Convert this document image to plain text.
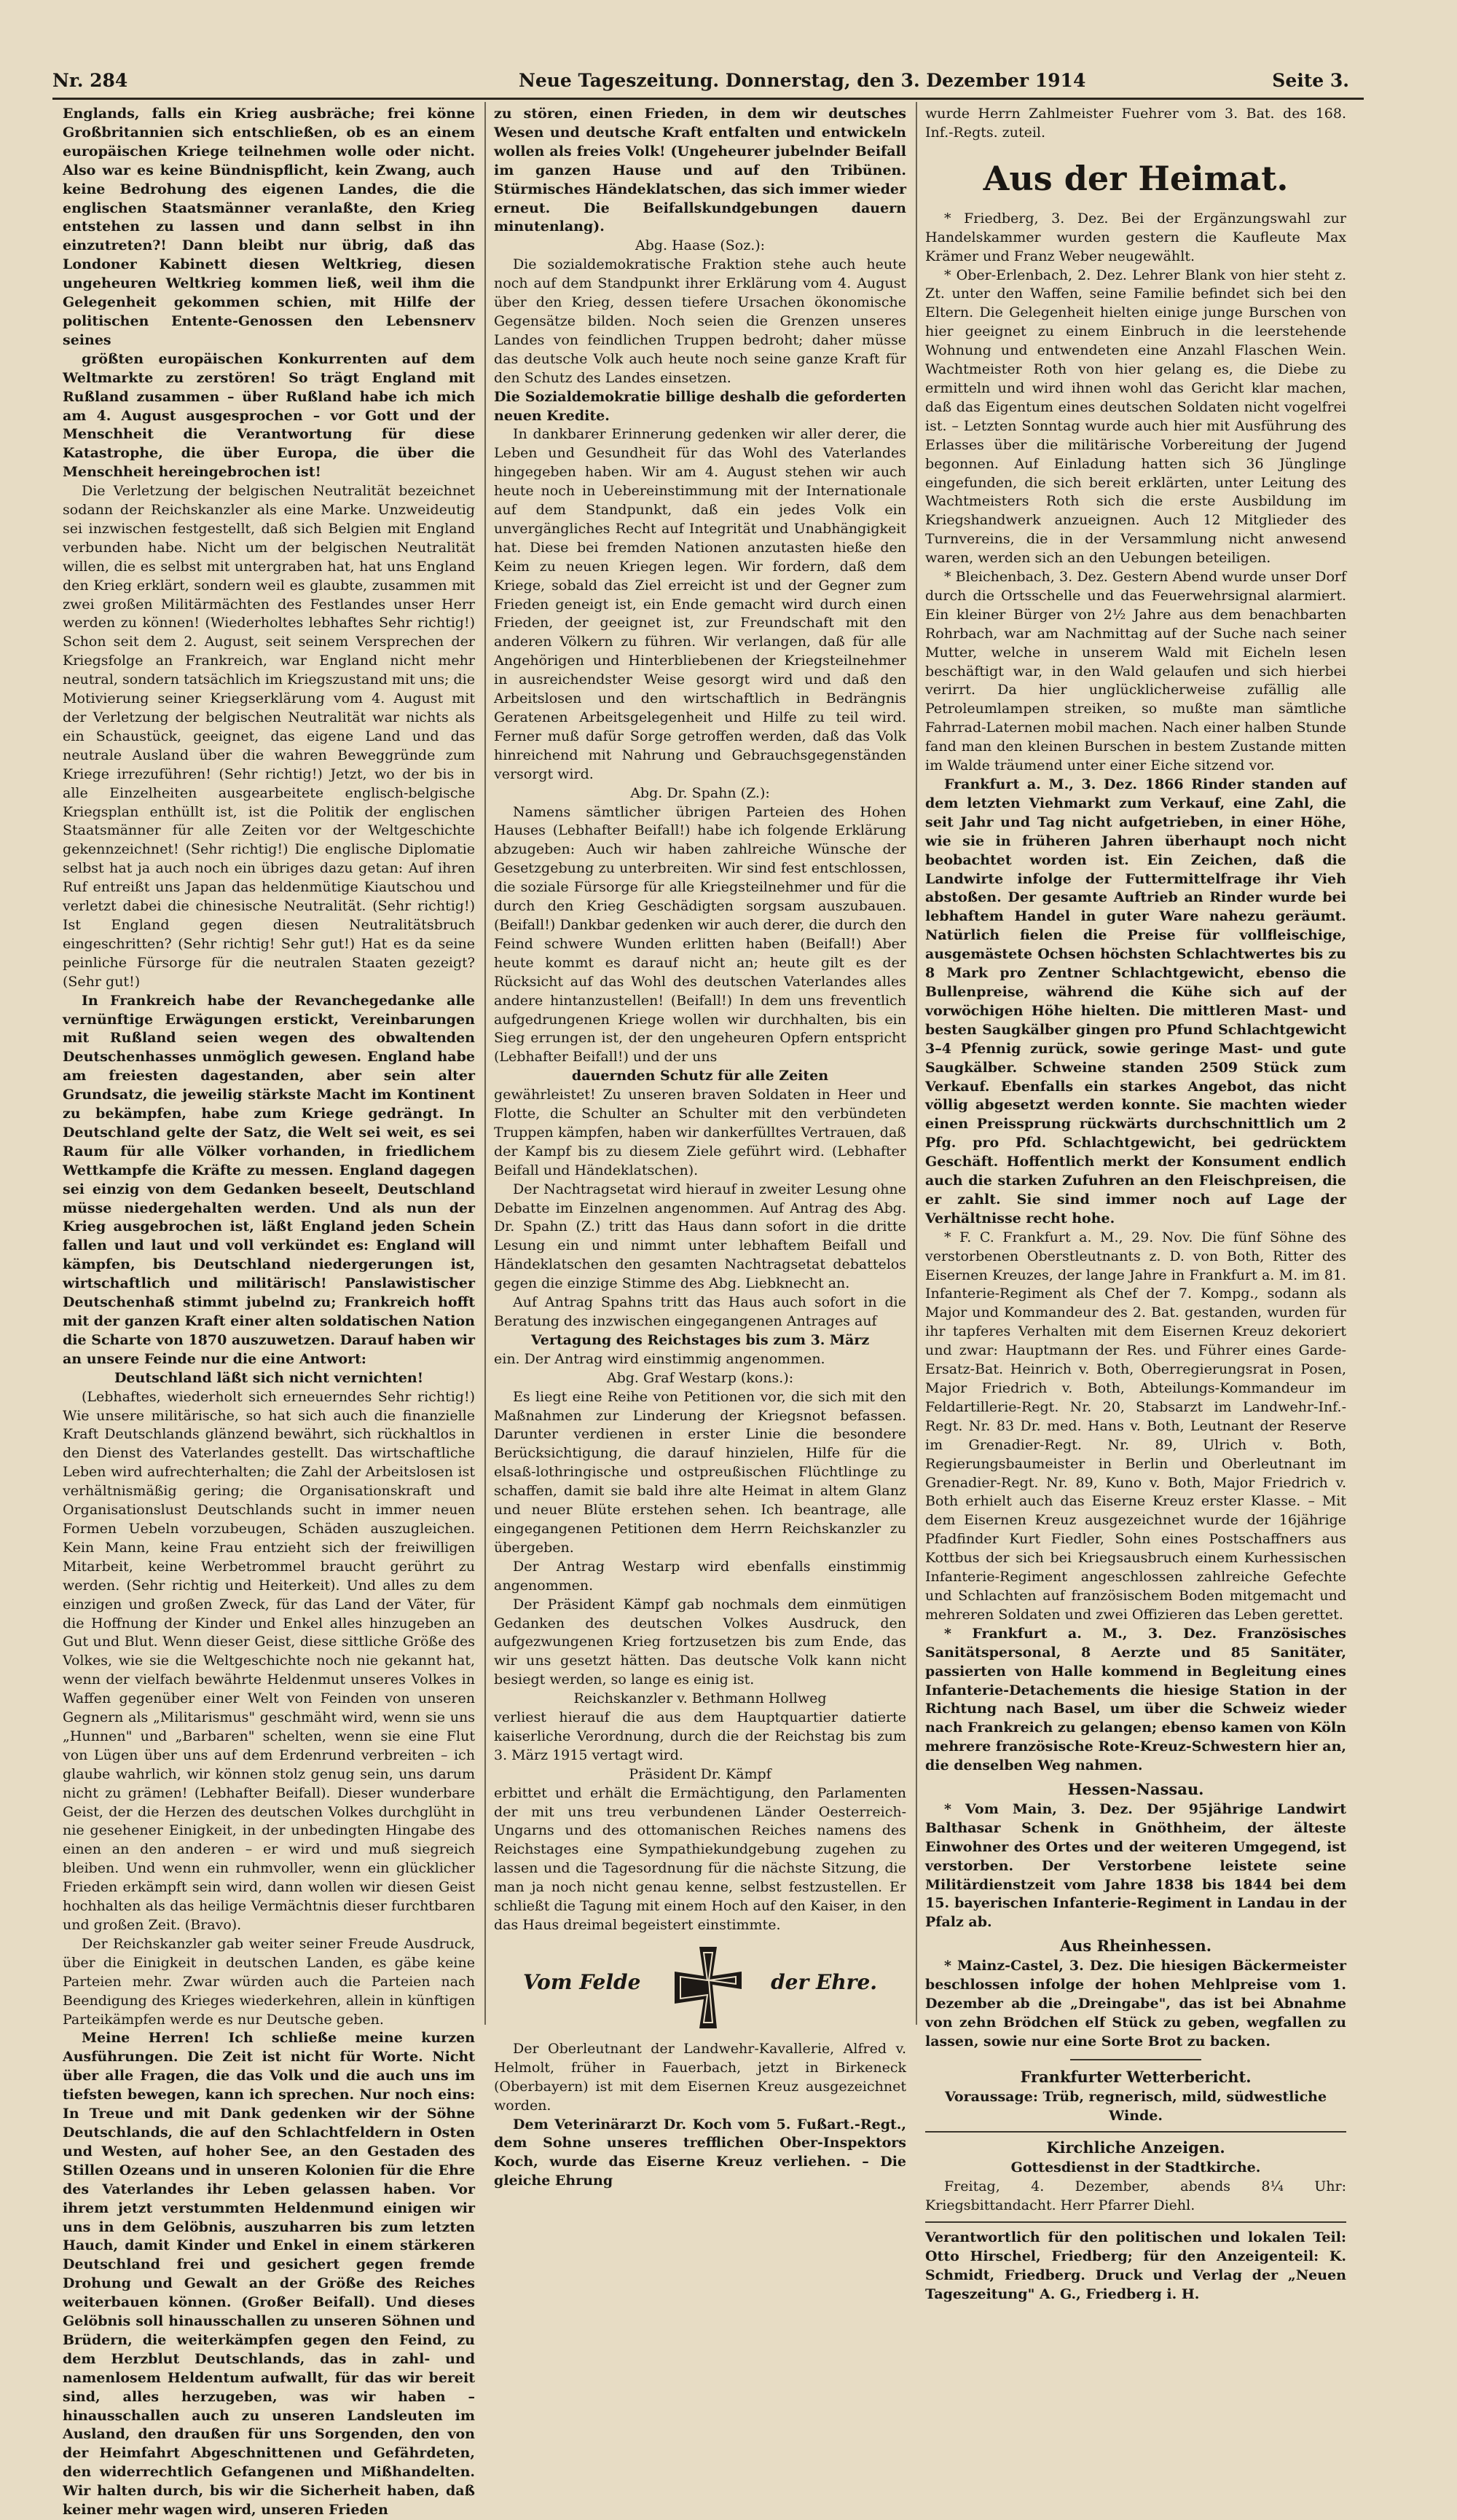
Nr. 284	Neue Tageszeitung. Donnerstag, den 3. Dezember 1914	Seite 3.

Englands, falls ein Krieg ausbräche; frei könne Großbritannien sich entschließen, ob es an einem europäischen Kriege teilnehmen wolle oder nicht. Also war es keine Bündnispflicht, kein Zwang, auch keine Bedrohung des eigenen Landes, die die englischen Staatsmänner veranlaßte, den Krieg entstehen zu lassen und dann selbst in ihn einzutreten?! Dann bleibt nur übrig, daß das Londoner Kabinett diesen Weltkrieg, diesen ungeheuren Weltkrieg kommen ließ, weil ihm die Gelegenheit gekommen schien, mit Hilfe der politischen Entente-Genossen den Lebensnerv seines

größten europäischen Konkurrenten auf dem Weltmarkte zu zerstören! So trägt England mit Rußland zusammen – über Rußland habe ich mich am 4. August ausgesprochen – vor Gott und der Menschheit die Verantwortung für diese Katastrophe, die über Europa, die über die Menschheit hereingebrochen ist!

Die Verletzung der belgischen Neutralität bezeichnet sodann der Reichskanzler als eine Marke. Unzweideutig sei inzwischen festgestellt, daß sich Belgien mit England verbunden habe. Nicht um der belgischen Neutralität willen, die es selbst mit untergraben hat, hat uns England den Krieg erklärt, sondern weil es glaubte, zusammen mit zwei großen Militärmächten des Festlandes unser Herr werden zu können! (Wiederholtes lebhaftes Sehr richtig!) Schon seit dem 2. August, seit seinem Versprechen der Kriegsfolge an Frankreich, war England nicht mehr neutral, sondern tatsächlich im Kriegszustand mit uns; die Motivierung seiner Kriegserklärung vom 4. August mit der Verletzung der belgischen Neutralität war nichts als ein Schaustück, geeignet, das eigene Land und das neutrale Ausland über die wahren Beweggründe zum Kriege irrezuführen! (Sehr richtig!) Jetzt, wo der bis in alle Einzelheiten ausgearbeitete englisch-belgische Kriegsplan enthüllt ist, ist die Politik der englischen Staatsmänner für alle Zeiten vor der Weltgeschichte gekennzeichnet! (Sehr richtig!) Die englische Diplomatie selbst hat ja auch noch ein übriges dazu getan: Auf ihren Ruf entreißt uns Japan das heldenmütige Kiautschou und verletzt dabei die chinesische Neutralität. (Sehr richtig!) Ist England gegen diesen Neutralitätsbruch eingeschritten? (Sehr richtig! Sehr gut!) Hat es da seine peinliche Fürsorge für die neutralen Staaten gezeigt? (Sehr gut!)

In Frankreich habe der Revanchegedanke alle vernünftige Erwägungen erstickt, Vereinbarungen mit Rußland seien wegen des obwaltenden Deutschenhasses unmöglich gewesen. England habe am freiesten dagestanden, aber sein alter Grundsatz, die jeweilig stärkste Macht im Kontinent zu bekämpfen, habe zum Kriege gedrängt. In Deutschland gelte der Satz, die Welt sei weit, es sei Raum für alle Völker vorhanden, in friedlichem Wettkampfe die Kräfte zu messen. England dagegen sei einzig von dem Gedanken beseelt, Deutschland müsse niedergehalten werden. Und als nun der Krieg ausgebrochen ist, läßt England jeden Schein fallen und laut und voll verkündet es: England will kämpfen, bis Deutschland niedergerungen ist, wirtschaftlich und militärisch! Panslawistischer Deutschenhaß stimmt jubelnd zu; Frankreich hofft mit der ganzen Kraft einer alten soldatischen Nation die Scharte von 1870 auszuwetzen. Darauf haben wir an unsere Feinde nur die eine Antwort:

Deutschland läßt sich nicht vernichten!

(Lebhaftes, wiederholt sich erneuerndes Sehr richtig!) Wie unsere militärische, so hat sich auch die finanzielle Kraft Deutschlands glänzend bewährt, sich rückhaltlos in den Dienst des Vaterlandes gestellt. Das wirtschaftliche Leben wird aufrechterhalten; die Zahl der Arbeitslosen ist verhältnismäßig gering; die Organisationskraft und Organisationslust Deutschlands sucht in immer neuen Formen Uebeln vorzubeugen, Schäden auszugleichen. Kein Mann, keine Frau entzieht sich der freiwilligen Mitarbeit, keine Werbetrommel braucht gerührt zu werden. (Sehr richtig und Heiterkeit). Und alles zu dem einzigen und großen Zweck, für das Land der Väter, für die Hoffnung der Kinder und Enkel alles hinzugeben an Gut und Blut. Wenn dieser Geist, diese sittliche Größe des Volkes, wie sie die Weltgeschichte noch nie gekannt hat, wenn der vielfach bewährte Heldenmut unseres Volkes in Waffen gegenüber einer Welt von Feinden von unseren Gegnern als „Militarismus" geschmäht wird, wenn sie uns „Hunnen" und „Barbaren" schelten, wenn sie eine Flut von Lügen über uns auf dem Erdenrund verbreiten – ich glaube wahrlich, wir können stolz genug sein, uns darum nicht zu grämen! (Lebhafter Beifall). Dieser wunderbare Geist, der die Herzen des deutschen Volkes durchglüht in nie gesehener Einigkeit, in der unbedingten Hingabe des einen an den anderen – er wird und muß siegreich bleiben. Und wenn ein ruhmvoller, wenn ein glücklicher Frieden erkämpft sein wird, dann wollen wir diesen Geist hochhalten als das heilige Vermächtnis dieser furchtbaren und großen Zeit. (Bravo).

Der Reichskanzler gab weiter seiner Freude Ausdruck, über die Einigkeit in deutschen Landen, es gäbe keine Parteien mehr. Zwar würden auch die Parteien nach Beendigung des Krieges wiederkehren, allein in künftigen Parteikämpfen werde es nur Deutsche geben.

Meine Herren! Ich schließe meine kurzen Ausführungen. Die Zeit ist nicht für Worte. Nicht über alle Fragen, die das Volk und die auch uns im tiefsten bewegen, kann ich sprechen. Nur noch eins: In Treue und mit Dank gedenken wir der Söhne Deutschlands, die auf den Schlachtfeldern in Osten und Westen, auf hoher See, an den Gestaden des Stillen Ozeans und in unseren Kolonien für die Ehre des Vaterlandes ihr Leben gelassen haben. Vor ihrem jetzt verstummten Heldenmund einigen wir uns in dem Gelöbnis, auszuharren bis zum letzten Hauch, damit Kinder und Enkel in einem stärkeren Deutschland frei und gesichert gegen fremde Drohung und Gewalt an der Größe des Reiches weiterbauen können. (Großer Beifall). Und dieses Gelöbnis soll hinausschallen zu unseren Söhnen und Brüdern, die weiterkämpfen gegen den Feind, zu dem Herzblut Deutschlands, das in zahl- und namenlosem Heldentum aufwallt, für das wir bereit sind, alles herzugeben, was wir haben – hinausschallen auch zu unseren Landsleuten im Ausland, den draußen für uns Sorgenden, den von der Heimfahrt Abgeschnittenen und Gefährdeten, den widerrechtlich Gefangenen und Mißhandelten. Wir halten durch, bis wir die Sicherheit haben, daß keiner mehr wagen wird, unseren Frieden

zu stören, einen Frieden, in dem wir deutsches Wesen und deutsche Kraft entfalten und entwickeln wollen als freies Volk! (Ungeheurer jubelnder Beifall im ganzen Hause und auf den Tribünen. Stürmisches Händeklatschen, das sich immer wieder erneut. Die Beifallskundgebungen dauern minutenlang).

Abg. Haase (Soz.):

Die sozialdemokratische Fraktion stehe auch heute noch auf dem Standpunkt ihrer Erklärung vom 4. August über den Krieg, dessen tiefere Ursachen ökonomische Gegensätze bilden. Noch seien die Grenzen unseres Landes von feindlichen Truppen bedroht; daher müsse das deutsche Volk auch heute noch seine ganze Kraft für den Schutz des Landes einsetzen.

Die Sozialdemokratie billige deshalb die geforderten neuen Kredite.

In dankbarer Erinnerung gedenken wir aller derer, die Leben und Gesundheit für das Wohl des Vaterlandes hingegeben haben. Wir am 4. August stehen wir auch heute noch in Uebereinstimmung mit der Internationale auf dem Standpunkt, daß ein jedes Volk ein unvergängliches Recht auf Integrität und Unabhängigkeit hat. Diese bei fremden Nationen anzutasten hieße den Keim zu neuen Kriegen legen. Wir fordern, daß dem Kriege, sobald das Ziel erreicht ist und der Gegner zum Frieden geneigt ist, ein Ende gemacht wird durch einen Frieden, der geeignet ist, zur Freundschaft mit den anderen Völkern zu führen. Wir verlangen, daß für alle Angehörigen und Hinterbliebenen der Kriegsteilnehmer in ausreichendster Weise gesorgt wird und daß den Arbeitslosen und den wirtschaftlich in Bedrängnis Geratenen Arbeitsgelegenheit und Hilfe zu teil wird. Ferner muß dafür Sorge getroffen werden, daß das Volk hinreichend mit Nahrung und Gebrauchsgegenständen versorgt wird.

Abg. Dr. Spahn (Z.):

Namens sämtlicher übrigen Parteien des Hohen Hauses (Lebhafter Beifall!) habe ich folgende Erklärung abzugeben: Auch wir haben zahlreiche Wünsche der Gesetzgebung zu unterbreiten. Wir sind fest entschlossen, die soziale Fürsorge für alle Kriegsteilnehmer und für die durch den Krieg Geschädigten sorgsam auszubauen. (Beifall!) Dankbar gedenken wir auch derer, die durch den Feind schwere Wunden erlitten haben (Beifall!) Aber heute kommt es darauf nicht an; heute gilt es der Rücksicht auf das Wohl des deutschen Vaterlandes alles andere hintanzustellen! (Beifall!) In dem uns freventlich aufgedrungenen Kriege wollen wir durchhalten, bis ein Sieg errungen ist, der den ungeheuren Opfern entspricht (Lebhafter Beifall!) und der uns

dauernden Schutz für alle Zeiten

gewährleistet! Zu unseren braven Soldaten in Heer und Flotte, die Schulter an Schulter mit den verbündeten Truppen kämpfen, haben wir dankerfülltes Vertrauen, daß der Kampf bis zu diesem Ziele geführt wird. (Lebhafter Beifall und Händeklatschen).

Der Nachtragsetat wird hierauf in zweiter Lesung ohne Debatte im Einzelnen angenommen. Auf Antrag des Abg. Dr. Spahn (Z.) tritt das Haus dann sofort in die dritte Lesung ein und nimmt unter lebhaftem Beifall und Händeklatschen den gesamten Nachtragsetat debattelos gegen die einzige Stimme des Abg. Liebknecht an.

Auf Antrag Spahns tritt das Haus auch sofort in die Beratung des inzwischen eingegangenen Antrages auf

Vertagung des Reichstages bis zum 3. März

ein. Der Antrag wird einstimmig angenommen.

Abg. Graf Westarp (kons.):

Es liegt eine Reihe von Petitionen vor, die sich mit den Maßnahmen zur Linderung der Kriegsnot befassen. Darunter verdienen in erster Linie die besondere Berücksichtigung, die darauf hinzielen, Hilfe für die elsaß-lothringische und ostpreußischen Flüchtlinge zu schaffen, damit sie bald ihre alte Heimat in altem Glanz und neuer Blüte erstehen sehen. Ich beantrage, alle eingegangenen Petitionen dem Herrn Reichskanzler zu übergeben.

Der Antrag Westarp wird ebenfalls einstimmig angenommen.

Der Präsident Kämpf gab nochmals dem einmütigen Gedanken des deutschen Volkes Ausdruck, den aufgezwungenen Krieg fortzusetzen bis zum Ende, das wir uns gesetzt hätten. Das deutsche Volk kann nicht besiegt werden, so lange es einig ist.

Reichskanzler v. Bethmann Hollweg

verliest hierauf die aus dem Hauptquartier datierte kaiserliche Verordnung, durch die der Reichstag bis zum 3. März 1915 vertagt wird.

Präsident Dr. Kämpf

erbittet und erhält die Ermächtigung, den Parlamenten der mit uns treu verbundenen Länder Oesterreich-Ungarns und des ottomanischen Reiches namens des Reichstages eine Sympathiekundgebung zugehen zu lassen und die Tagesordnung für die nächste Sitzung, die man ja noch nicht genau kenne, selbst festzustellen. Er schließt die Tagung mit einem Hoch auf den Kaiser, in den das Haus dreimal begeistert einstimmte.

Vom Felde	der Ehre.

Der Oberleutnant der Landwehr-Kavallerie, Alfred v. Helmolt, früher in Fauerbach, jetzt in Birkeneck (Oberbayern) ist mit dem Eisernen Kreuz ausgezeichnet worden.

Dem Veterinärarzt Dr. Koch vom 5. Fußart.-Regt., dem Sohne unseres trefflichen Ober-Inspektors Koch, wurde das Eiserne Kreuz verliehen. – Die gleiche Ehrung

wurde Herrn Zahlmeister Fuehrer vom 3. Bat. des 168. Inf.-Regts. zuteil.

Aus der Heimat.

* Friedberg, 3. Dez. Bei der Ergänzungswahl zur Handelskammer wurden gestern die Kaufleute Max Krämer und Franz Weber neugewählt.

* Ober-Erlenbach, 2. Dez. Lehrer Blank von hier steht z. Zt. unter den Waffen, seine Familie befindet sich bei den Eltern. Die Gelegenheit hielten einige junge Burschen von hier geeignet zu einem Einbruch in die leerstehende Wohnung und entwendeten eine Anzahl Flaschen Wein. Wachtmeister Roth von hier gelang es, die Diebe zu ermitteln und wird ihnen wohl das Gericht klar machen, daß das Eigentum eines deutschen Soldaten nicht vogelfrei ist. – Letzten Sonntag wurde auch hier mit Ausführung des Erlasses über die militärische Vorbereitung der Jugend begonnen. Auf Einladung hatten sich 36 Jünglinge eingefunden, die sich bereit erklärten, unter Leitung des Wachtmeisters Roth sich die erste Ausbildung im Kriegshandwerk anzueignen. Auch 12 Mitglieder des Turnvereins, die in der Versammlung nicht anwesend waren, werden sich an den Uebungen beteiligen.

* Bleichenbach, 3. Dez. Gestern Abend wurde unser Dorf durch die Ortsschelle und das Feuerwehrsignal alarmiert. Ein kleiner Bürger von 2½ Jahre aus dem benachbarten Rohrbach, war am Nachmittag auf der Suche nach seiner Mutter, welche in unserem Wald mit Eicheln lesen beschäftigt war, in den Wald gelaufen und sich hierbei verirrt. Da hier unglücklicherweise zufällig alle Petroleumlampen streiken, so mußte man sämtliche Fahrrad-Laternen mobil machen. Nach einer halben Stunde fand man den kleinen Burschen in bestem Zustande mitten im Walde träumend unter einer Eiche sitzend vor.

Frankfurt a. M., 3. Dez. 1866 Rinder standen auf dem letzten Viehmarkt zum Verkauf, eine Zahl, die seit Jahr und Tag nicht aufgetrieben, in einer Höhe, wie sie in früheren Jahren überhaupt noch nicht beobachtet worden ist. Ein Zeichen, daß die Landwirte infolge der Futtermittelfrage ihr Vieh abstoßen. Der gesamte Auftrieb an Rinder wurde bei lebhaftem Handel in guter Ware nahezu geräumt. Natürlich fielen die Preise für vollfleischige, ausgemästete Ochsen höchsten Schlachtwertes bis zu 8 Mark pro Zentner Schlachtgewicht, ebenso die Bullenpreise, während die Kühe sich auf der vorwöchigen Höhe hielten. Die mittleren Mast- und besten Saugkälber gingen pro Pfund Schlachtgewicht 3–4 Pfennig zurück, sowie geringe Mast- und gute Saugkälber. Schweine standen 2509 Stück zum Verkauf. Ebenfalls ein starkes Angebot, das nicht völlig abgesetzt werden konnte. Sie machten wieder einen Preissprung rückwärts durchschnittlich um 2 Pfg. pro Pfd. Schlachtgewicht, bei gedrücktem Geschäft. Hoffentlich merkt der Konsument endlich auch die starken Zufuhren an den Fleischpreisen, die er zahlt. Sie sind immer noch auf Lage der Verhältnisse recht hohe.

* F. C. Frankfurt a. M., 29. Nov. Die fünf Söhne des verstorbenen Oberstleutnants z. D. von Both, Ritter des Eisernen Kreuzes, der lange Jahre in Frankfurt a. M. im 81. Infanterie-Regiment als Chef der 7. Kompg., sodann als Major und Kommandeur des 2. Bat. gestanden, wurden für ihr tapferes Verhalten mit dem Eisernen Kreuz dekoriert und zwar: Hauptmann der Res. und Führer eines Garde-Ersatz-Bat. Heinrich v. Both, Oberregierungsrat in Posen, Major Friedrich v. Both, Abteilungs-Kommandeur im Feldartillerie-Regt. Nr. 20, Stabsarzt im Landwehr-Inf.-Regt. Nr. 83 Dr. med. Hans v. Both, Leutnant der Reserve im Grenadier-Regt. Nr. 89, Ulrich v. Both, Regierungsbaumeister in Berlin und Oberleutnant im Grenadier-Regt. Nr. 89, Kuno v. Both, Major Friedrich v. Both erhielt auch das Eiserne Kreuz erster Klasse. – Mit dem Eisernen Kreuz ausgezeichnet wurde der 16jährige Pfadfinder Kurt Fiedler, Sohn eines Postschaffners aus Kottbus der sich bei Kriegsausbruch einem Kurhessischen Infanterie-Regiment angeschlossen zahlreiche Gefechte und Schlachten auf französischem Boden mitgemacht und mehreren Soldaten und zwei Offizieren das Leben gerettet.

* Frankfurt a. M., 3. Dez. Französisches Sanitätspersonal, 8 Aerzte und 85 Sanitäter, passierten von Halle kommend in Begleitung eines Infanterie-Detachements die hiesige Station in der Richtung nach Basel, um über die Schweiz wieder nach Frankreich zu gelangen; ebenso kamen von Köln mehrere französische Rote-Kreuz-Schwestern hier an, die denselben Weg nahmen.

Hessen-Nassau.

* Vom Main, 3. Dez. Der 95jährige Landwirt Balthasar Schenk in Gnöthheim, der älteste Einwohner des Ortes und der weiteren Umgegend, ist verstorben. Der Verstorbene leistete seine Militärdienstzeit vom Jahre 1838 bis 1844 bei dem 15. bayerischen Infanterie-Regiment in Landau in der Pfalz ab.

Aus Rheinhessen.

* Mainz-Castel, 3. Dez. Die hiesigen Bäckermeister beschlossen infolge der hohen Mehlpreise vom 1. Dezember ab die „Dreingabe", das ist bei Abnahme von zehn Brödchen elf Stück zu geben, wegfallen zu lassen, sowie nur eine Sorte Brot zu backen.

Frankfurter Wetterbericht.

Voraussage: Trüb, regnerisch, mild, südwestliche Winde.

Kirchliche Anzeigen.

Gottesdienst in der Stadtkirche.

Freitag, 4. Dezember, abends 8¼ Uhr: Kriegsbittandacht. Herr Pfarrer Diehl.

Verantwortlich für den politischen und lokalen Teil: Otto Hirschel, Friedberg; für den Anzeigenteil: K. Schmidt, Friedberg. Druck und Verlag der „Neuen Tageszeitung" A. G., Friedberg i. H.
